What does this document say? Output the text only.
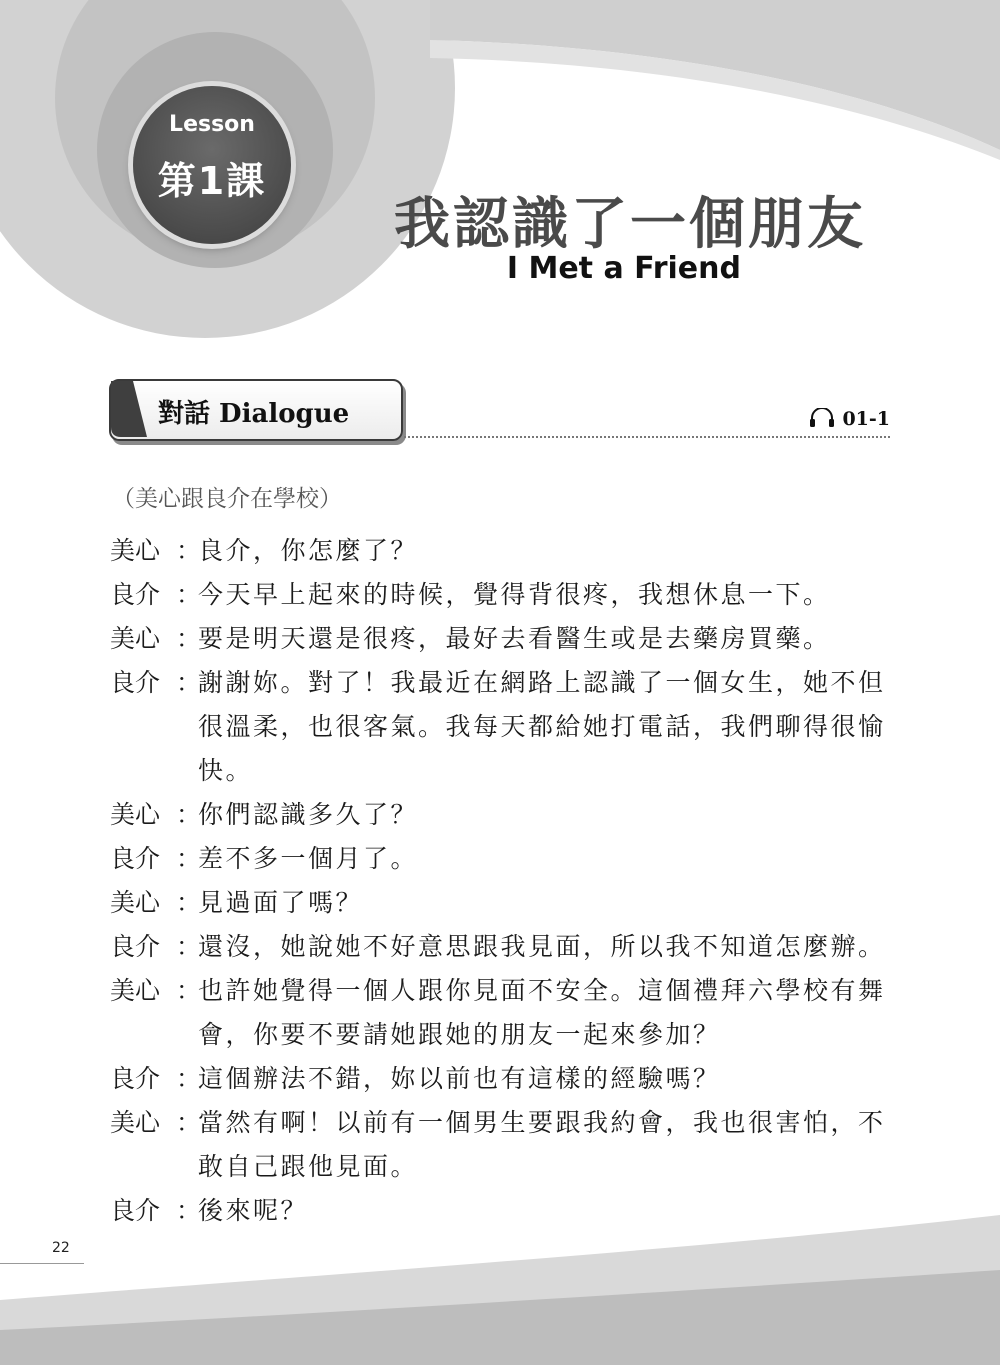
Lesson
第1課
我認識了一個朋友
I Met a Friend
對話 Dialogue	01-1
（美心跟良介在學校）
美心 ：
良介，你怎麼了？
良介 ：
今天早上起來的時候，覺得背很疼，我想休息一下。
美心 ：
要是明天還是很疼，最好去看醫生或是去藥房買藥。
良介 ：
謝謝妳。對了！我最近在網路上認識了一個女生，她不但很溫柔，也很客氣。我每天都給她打電話，我們聊得很愉快。
美心 ：
你們認識多久了？
良介 ：
差不多一個月了。
美心 ：
見過面了嗎？
良介 ：
還沒，她說她不好意思跟我見面，所以我不知道怎麼辦。
美心 ：
也許她覺得一個人跟你見面不安全。這個禮拜六學校有舞會，你要不要請她跟她的朋友一起來參加？
良介 ：
這個辦法不錯，妳以前也有這樣的經驗嗎？
美心 ：
當然有啊！以前有一個男生要跟我約會，我也很害怕，不敢自己跟他見面。
良介 ：
後來呢？
22
